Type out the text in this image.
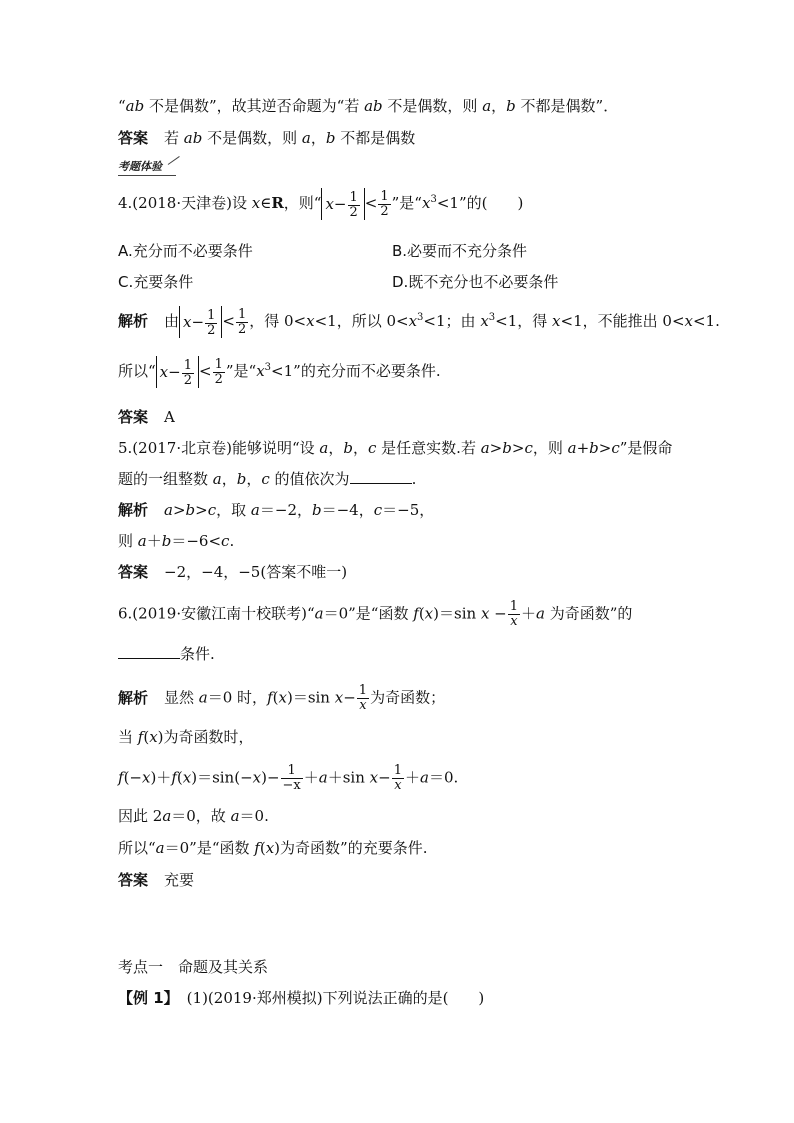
“ab 不是偶数”，故其逆否命题为“若 ab 不是偶数，则 a，b 不都是偶数”．
答案 若 ab 不是偶数，则 a，b 不都是偶数
考题体验
4.(2018·天津卷)设 x∈R，则“ $x- \frac{1}{2} < \frac{1}{2}$ ”是“$x^3<1$”的(　　)
A.充分而不必要条件	B.必要而不充分条件
C.充要条件	D.既不充分也不必要条件
解析 由 $x- \frac{1}{2} < \frac{1}{2}$ ，得 0<x<1，所以 $0<x^3<1$；由 $x^3<1$，得 x<1，不能推出 0<x<1.
所以“ $x- \frac{1}{2} < \frac{1}{2}$ ”是“$x^3<1$”的充分而不必要条件.
答案 A
5.(2017·北京卷)能够说明“设 a，b，c 是任意实数.若 a>b>c，则 a+b>c”是假命
题的一组整数 a，b，c 的值依次为	.
解析 a>b>c，取 a＝−2，b＝−4，c＝−5，
则 a＋b＝−6<c.
答案 −2，−4，−5(答案不唯一)
6.(2019·安徽江南十校联考)“a＝0”是“函数 f(x)＝sin $x - \frac{1}{x} +a$ 为奇函数”的
条件.
解析 显然 a＝0 时，f(x)＝sin $x- \frac{1}{x}$ 为奇函数；
当 f(x)为奇函数时，
$f(-x)+f(x)=\sin(-x)- \frac{1}{-x} +a+\sin$ $x- \frac{1}{x} +a=0$.
因此 2a＝0，故 a＝0.
所以“a＝0”是“函数 f(x)为奇函数”的充要条件.
答案 充要
考点一　命题及其关系
【例 1】 (1)(2019·郑州模拟)下列说法正确的是(　　)
